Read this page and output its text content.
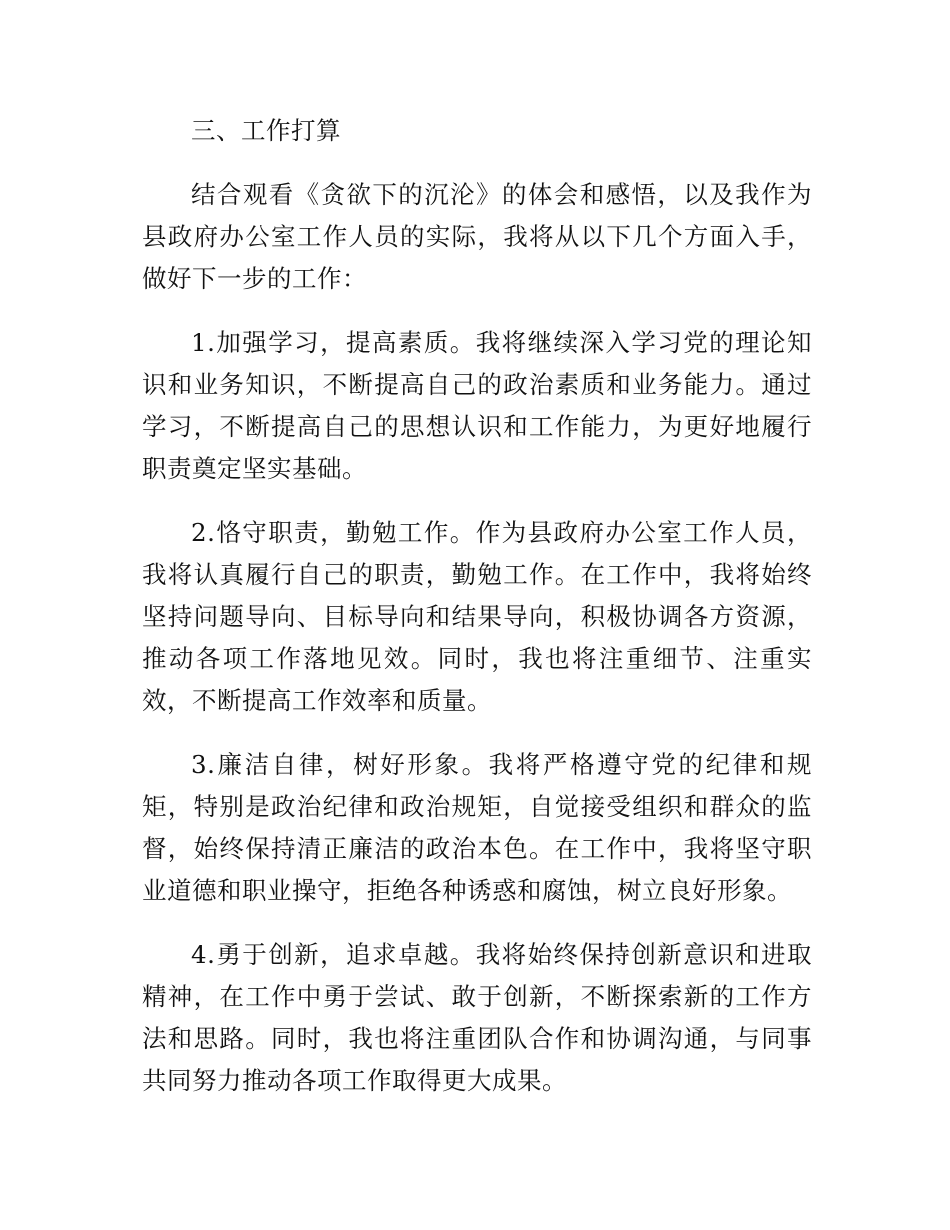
三、工作打算

结合观看《贪欲下的沉沦》的体会和感悟，以及我作为县政府办公室工作人员的实际，我将从以下几个方面入手，做好下一步的工作：

1.加强学习，提高素质。我将继续深入学习党的理论知识和业务知识，不断提高自己的政治素质和业务能力。通过学习，不断提高自己的思想认识和工作能力，为更好地履行职责奠定坚实基础。

2.恪守职责，勤勉工作。作为县政府办公室工作人员，我将认真履行自己的职责，勤勉工作。在工作中，我将始终坚持问题导向、目标导向和结果导向，积极协调各方资源，推动各项工作落地见效。同时，我也将注重细节、注重实效，不断提高工作效率和质量。

3.廉洁自律，树好形象。我将严格遵守党的纪律和规矩，特别是政治纪律和政治规矩，自觉接受组织和群众的监督，始终保持清正廉洁的政治本色。在工作中，我将坚守职业道德和职业操守，拒绝各种诱惑和腐蚀，树立良好形象。

4.勇于创新，追求卓越。我将始终保持创新意识和进取精神，在工作中勇于尝试、敢于创新，不断探索新的工作方法和思路。同时，我也将注重团队合作和协调沟通，与同事共同努力推动各项工作取得更大成果。
